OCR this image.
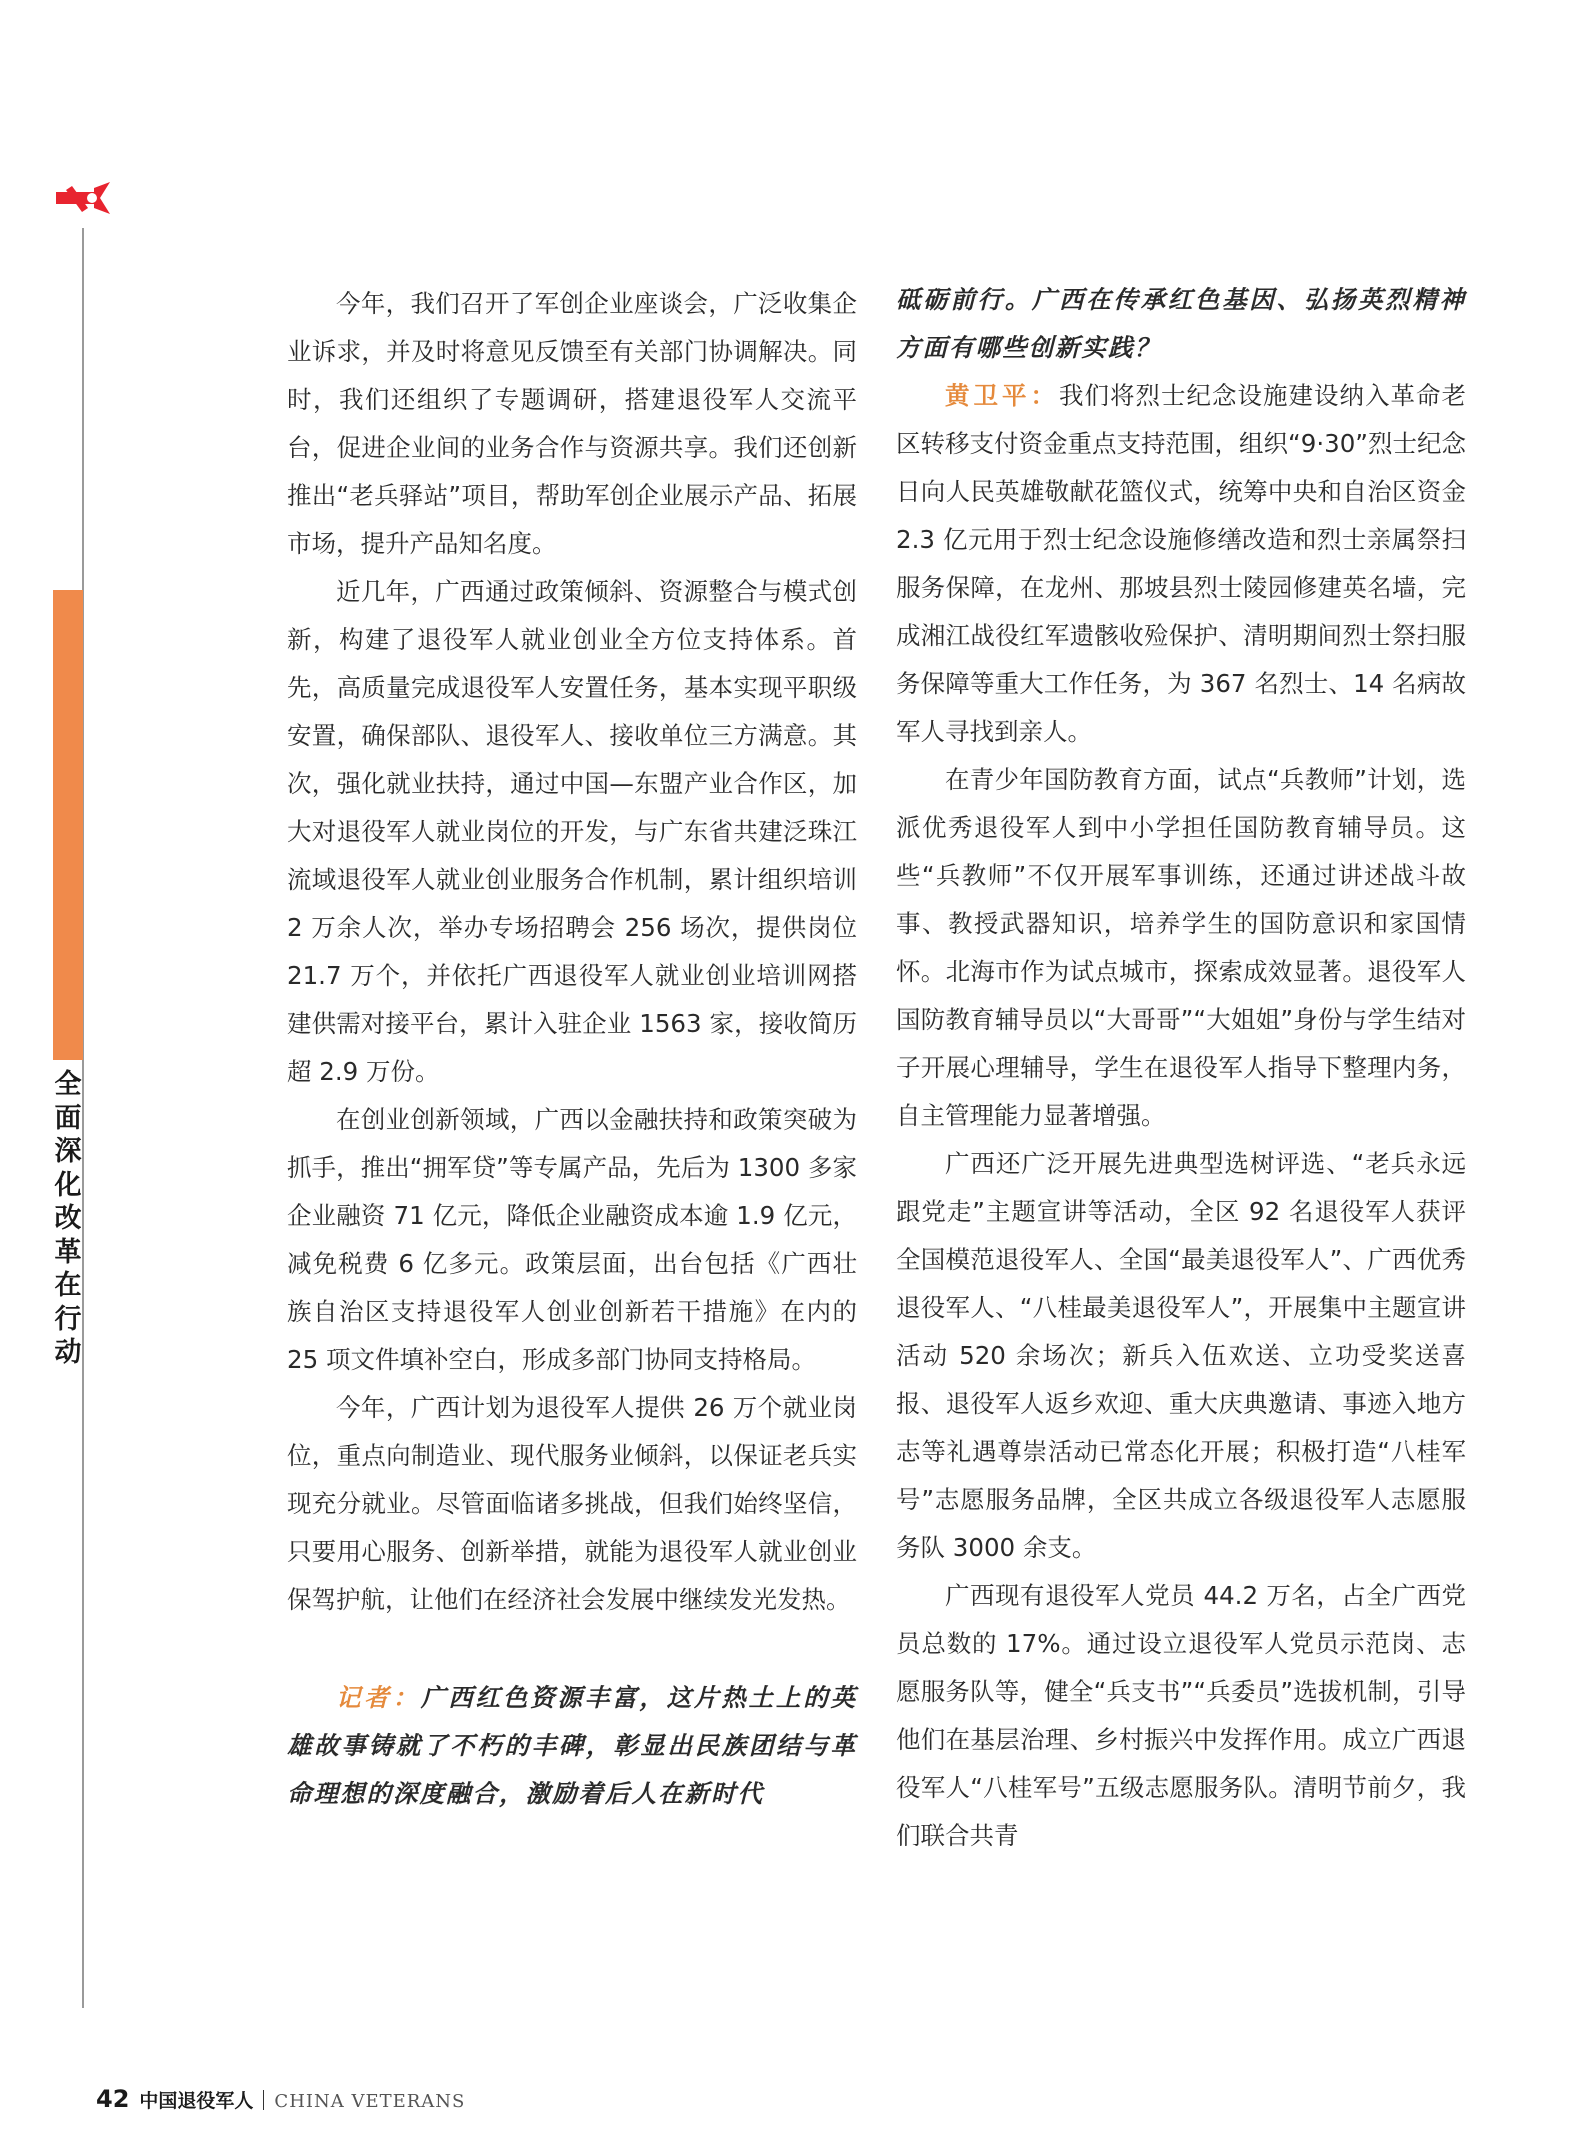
全面深化改革在行动

今年，我们召开了军创企业座谈会，广泛收集企业诉求，并及时将意见反馈至有关部门协调解决。同时，我们还组织了专题调研，搭建退役军人交流平台，促进企业间的业务合作与资源共享。我们还创新推出“老兵驿站”项目，帮助军创企业展示产品、拓展市场，提升产品知名度。

近几年，广西通过政策倾斜、资源整合与模式创新，构建了退役军人就业创业全方位支持体系。首先，高质量完成退役军人安置任务，基本实现平职级安置，确保部队、退役军人、接收单位三方满意。其次，强化就业扶持，通过中国—东盟产业合作区，加大对退役军人就业岗位的开发，与广东省共建泛珠江流域退役军人就业创业服务合作机制，累计组织培训 2 万余人次，举办专场招聘会 256 场次，提供岗位 21.7 万个，并依托广西退役军人就业创业培训网搭建供需对接平台，累计入驻企业 1563 家，接收简历超 2.9 万份。

在创业创新领域，广西以金融扶持和政策突破为抓手，推出“拥军贷”等专属产品，先后为 1300 多家企业融资 71 亿元，降低企业融资成本逾 1.9 亿元，减免税费 6 亿多元。政策层面，出台包括《广西壮族自治区支持退役军人创业创新若干措施》在内的 25 项文件填补空白，形成多部门协同支持格局。

今年，广西计划为退役军人提供 26 万个就业岗位，重点向制造业、现代服务业倾斜，以保证老兵实现充分就业。尽管面临诸多挑战，但我们始终坚信，只要用心服务、创新举措，就能为退役军人就业创业保驾护航，让他们在经济社会发展中继续发光发热。

记者：广西红色资源丰富，这片热土上的英雄故事铸就了不朽的丰碑，彰显出民族团结与革命理想的深度融合，激励着后人在新时代

砥砺前行。广西在传承红色基因、弘扬英烈精神方面有哪些创新实践？

黄卫平：我们将烈士纪念设施建设纳入革命老区转移支付资金重点支持范围，组织“9·30”烈士纪念日向人民英雄敬献花篮仪式，统筹中央和自治区资金 2.3 亿元用于烈士纪念设施修缮改造和烈士亲属祭扫服务保障，在龙州、那坡县烈士陵园修建英名墙，完成湘江战役红军遗骸收殓保护、清明期间烈士祭扫服务保障等重大工作任务，为 367 名烈士、14 名病故军人寻找到亲人。

在青少年国防教育方面，试点“兵教师”计划，选派优秀退役军人到中小学担任国防教育辅导员。这些“兵教师”不仅开展军事训练，还通过讲述战斗故事、教授武器知识，培养学生的国防意识和家国情怀。北海市作为试点城市，探索成效显著。退役军人国防教育辅导员以“大哥哥”“大姐姐”身份与学生结对子开展心理辅导，学生在退役军人指导下整理内务，自主管理能力显著增强。

广西还广泛开展先进典型选树评选、“老兵永远跟党走”主题宣讲等活动，全区 92 名退役军人获评全国模范退役军人、全国“最美退役军人”、广西优秀退役军人、“八桂最美退役军人”，开展集中主题宣讲活动 520 余场次；新兵入伍欢送、立功受奖送喜报、退役军人返乡欢迎、重大庆典邀请、事迹入地方志等礼遇尊崇活动已常态化开展；积极打造“八桂军号”志愿服务品牌，全区共成立各级退役军人志愿服务队 3000 余支。

广西现有退役军人党员 44.2 万名，占全广西党员总数的 17%。通过设立退役军人党员示范岗、志愿服务队等，健全“兵支书”“兵委员”选拔机制，引导他们在基层治理、乡村振兴中发挥作用。成立广西退役军人“八桂军号”五级志愿服务队。清明节前夕，我们联合共青

42 中国退役军人 CHINA VETERANS
